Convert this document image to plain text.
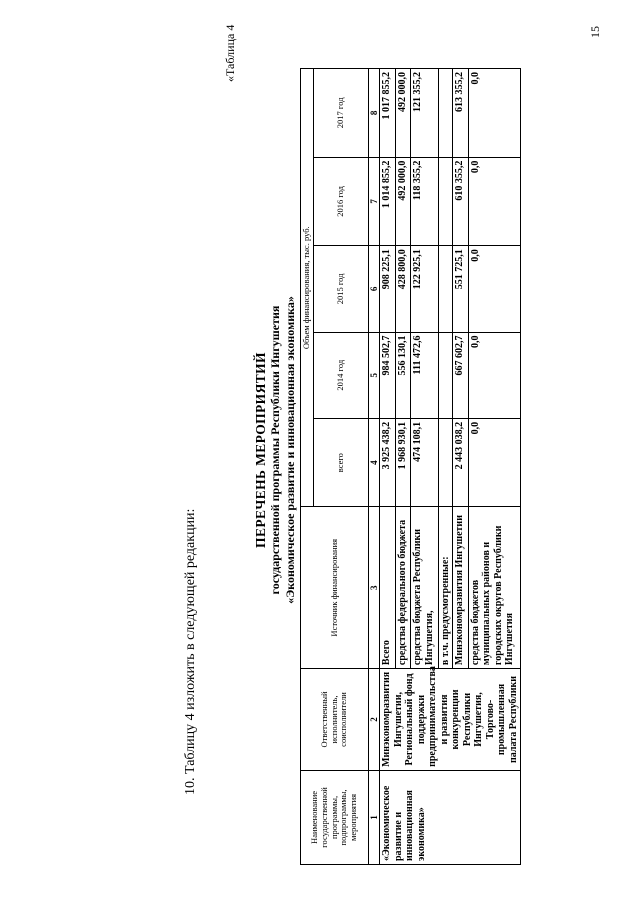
15
10. Таблицу 4 изложить в следующей редакции:
«Таблица 4
ПЕРЕЧЕНЬ МЕРОПРИЯТИЙ государственной программы Республики Ингушетия «Экономическое развитие и инновационная экономика»
Наименование государственной программы, подпрограммы, мероприятия	Ответственный исполнитель, соисполнители	Источник финансирования	Объем финансирования, тыс. руб.				
			всего	2014 год	2015 год	2016 год	2017 год
1	2	3	4	5	6	7	8
«Экономическое развитие и инновационная экономика»	Минэкономразвития Ингушетии, Региональный фонд поддержки предпринимательства и развития конкуренции Республики Ингушетия, Торгово-промышленная палата Республики	Всего	3 925 438,2	984 502,7	908 225,1	1 014 855,2	1 017 855,2
		средства федерального бюджета	1 968 930,1	556 130,1	428 800,0	492 000,0	492 000,0
		средства бюджета Республики Ингушетия,	474 108,1	111 472,6	122 925,1	118 355,2	121 355,2
		в т.ч. предусмотренные:					
		Минэкономразвития Ингушетии	2 443 038,2	667 602,7	551 725,1	610 355,2	613 355,2
		средства бюджетов муниципальных районов и городских округов Республики Ингушетия	0,0	0,0	0,0	0,0	0,0
